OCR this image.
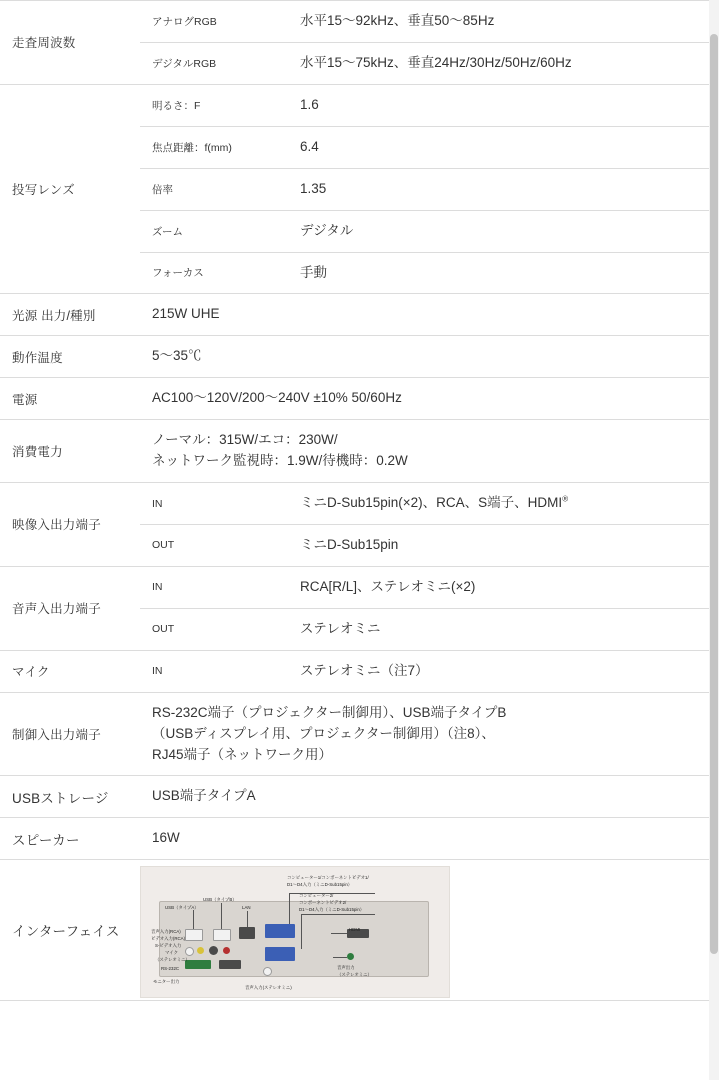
走査周波数	アナログRGB	水平15〜92kHz、垂直50〜85Hz
	デジタルRGB	水平15〜75kHz、垂直24Hz/30Hz/50Hz/60Hz
投写レンズ	明るさ：F	1.6
	焦点距離：f(mm)	6.4
	倍率	1.35
	ズーム	デジタル
	フォーカス	手動
光源 出力/種別	215W UHE	
動作温度	5〜35℃	
電源	AC100〜120V/200〜240V ±10% 50/60Hz	
消費電力	ノーマル：315W/エコ：230W/
ネットワーク監視時：1.9W/待機時：0.2W	

映像入出力端子	IN	ミニD-Sub15pin(×2)、RCA、S端子、HDMI®
	OUT	ミニD-Sub15pin
音声入出力端子	IN	RCA[R/L]、ステレオミニ(×2)
	OUT	ステレオミニ
マイク	IN	ステレオミニ（注7）
制御入出力端子	RS-232C端子（プロジェクター制御用）、USB端子タイプB
（USBディスプレイ用、プロジェクター制御用）（注8）、
RJ45端子（ネットワーク用）	

USBストレージ	USB端子タイプA	
スピーカー	16W	
インターフェイス	
コンピューター1/コンポーネントビデオ1/
D1〜D4入力（ミニD-Sub15pin）
コンピューター2/
コンポーネントビデオ2/
D1〜D4入力（ミニD-Sub15pin）
USB（タイプB）
USB（タイプA）	LAN
音声入力(RCA)
ビデオ入力(RCA)
S-ビデオ入力
マイク
（ステレオミニ）
RS-232C
モニター出力
音声入力(ステレオミニ)
HDMI
音声出力
（ステレオミニ）
